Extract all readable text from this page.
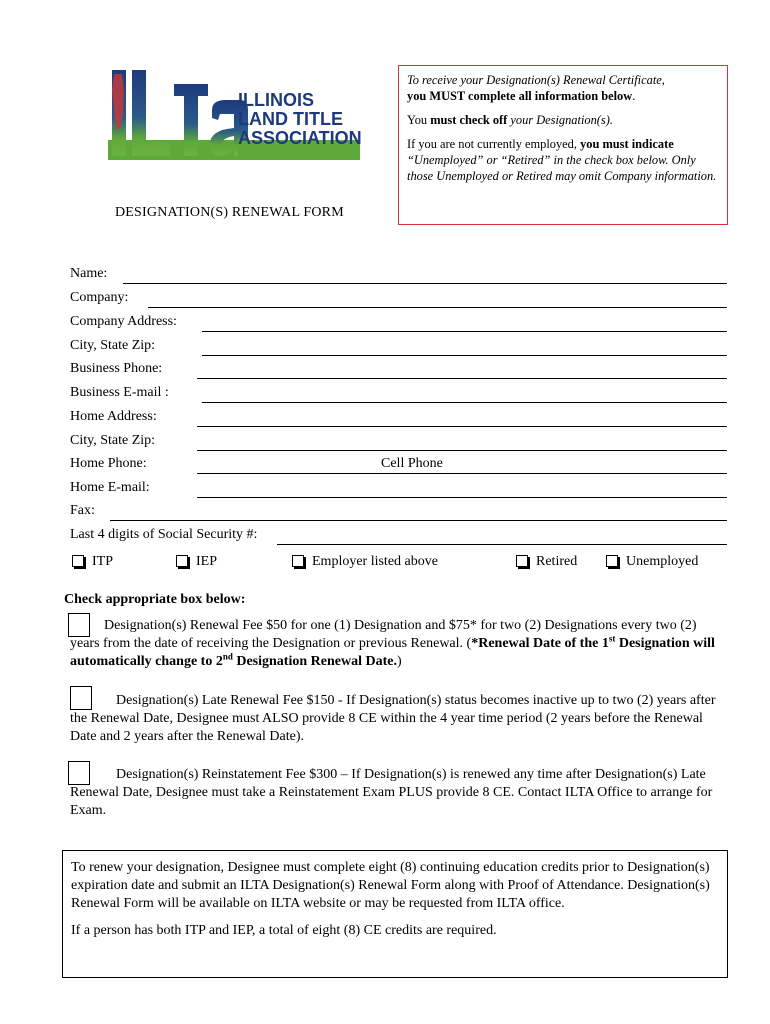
ILLINOIS
LAND TITLE
ASSOCIATION
DESIGNATION(S) RENEWAL FORM

To receive your Designation(s) Renewal Certificate,
you MUST complete all information below.

You must check off your Designation(s).

If you are not currently employed, you must indicate
“Unemployed” or “Retired” in the check box below. Only those Unemployed or Retired may omit Company information.

Name:
Company:
Company Address:
City, State Zip:
Business Phone:
Business E-mail :
Home Address:
City, State Zip:
Home Phone:	Cell Phone
Home E-mail:
Fax:
Last 4 digits of Social Security #:
ITP	IEP	Employer listed above	Retired	Unemployed
Check appropriate box below:
Designation(s) Renewal Fee $50 for one (1) Designation and $75* for two (2) Designations every two (2) years from the date of receiving the Designation or previous Renewal. (*Renewal Date of the 1st Designation will automatically change to 2nd Designation Renewal Date.)
Designation(s) Late Renewal Fee $150 - If Designation(s) status becomes inactive up to two (2) years after the Renewal Date, Designee must ALSO provide 8 CE within the 4 year time period (2 years before the Renewal Date and 2 years after the Renewal Date).
Designation(s) Reinstatement Fee $300 – If Designation(s) is renewed any time after Designation(s) Late Renewal Date, Designee must take a Reinstatement Exam PLUS provide 8 CE. Contact ILTA Office to arrange for Exam.

To renew your designation, Designee must complete eight (8) continuing education credits prior to Designation(s) expiration date and submit an ILTA Designation(s) Renewal Form along with Proof of Attendance. Designation(s) Renewal Form will be available on ILTA website or may be requested from ILTA office.

If a person has both ITP and IEP, a total of eight (8) CE credits are required.
